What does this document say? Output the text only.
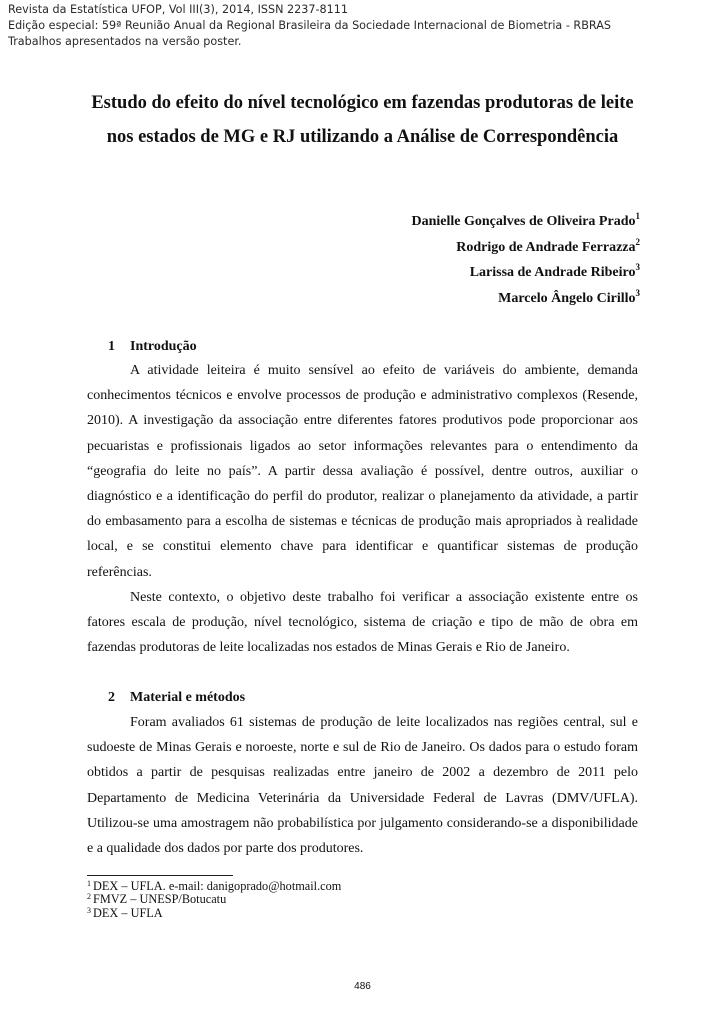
Revista da Estatística UFOP, Vol III(3), 2014, ISSN 2237-8111
Edição especial: 59ª Reunião Anual da Regional Brasileira da Sociedade Internacional de Biometria - RBRAS
Trabalhos apresentados na versão poster.
Estudo do efeito do nível tecnológico em fazendas produtoras de leite nos estados de MG e RJ utilizando a Análise de Correspondência
Danielle Gonçalves de Oliveira Prado$^1$
Rodrigo de Andrade Ferrazza$^2$
Larissa de Andrade Ribeiro$^3$
Marcelo Ângelo Cirillo$^3$
1 Introdução

A atividade leiteira é muito sensível ao efeito de variáveis do ambiente, demanda conhecimentos técnicos e envolve processos de produção e administrativo complexos (Resende, 2010). A investigação da associação entre diferentes fatores produtivos pode proporcionar aos pecuaristas e profissionais ligados ao setor informações relevantes para o entendimento da “geografia do leite no país”. A partir dessa avaliação é possível, dentre outros, auxiliar o diagnóstico e a identificação do perfil do produtor, realizar o planejamento da atividade, a partir do embasamento para a escolha de sistemas e técnicas de produção mais apropriados à realidade local, e se constitui elemento chave para identificar e quantificar sistemas de produção referências.

Neste contexto, o objetivo deste trabalho foi verificar a associação existente entre os fatores escala de produção, nível tecnológico, sistema de criação e tipo de mão de obra em fazendas produtoras de leite localizadas nos estados de Minas Gerais e Rio de Janeiro.

2 Material e métodos

Foram avaliados 61 sistemas de produção de leite localizados nas regiões central, sul e sudoeste de Minas Gerais e noroeste, norte e sul de Rio de Janeiro. Os dados para o estudo foram obtidos a partir de pesquisas realizadas entre janeiro de 2002 a dezembro de 2011 pelo Departamento de Medicina Veterinária da Universidade Federal de Lavras (DMV/UFLA). Utilizou-se uma amostragem não probabilística por julgamento considerando-se a disponibilidade e a qualidade dos dados por parte dos produtores.

$^1$ DEX – UFLA. e-mail: danigoprado@hotmail.com
$^2$ FMVZ – UNESP/Botucatu
$^3$ DEX – UFLA
486
